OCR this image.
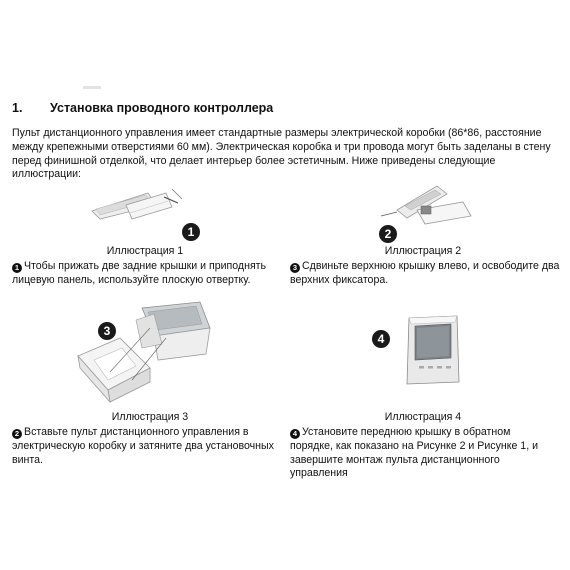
1. Установка проводного контроллера
Пульт дистанционного управления имеет стандартные размеры электрической коробки (86*86, расстояние между крепежными отверстиями 60 мм). Электрическая коробка и три провода могут быть заделаны в стену перед финишной отделкой, что делает интерьер более эстетичным. Ниже приведены следующие иллюстрации:
1
Иллюстрация 1
1 Чтобы прижать две задние крышки и приподнять лицевую панель, используйте плоскую отвертку.
2
Иллюстрация 2
3 Сдвиньте верхнюю крышку влево, и освободите два верхних фиксатора.
3
Иллюстрация 3
2 Вставьте пульт дистанционного управления в электрическую коробку и затяните два установочных винта.
4
Иллюстрация 4
4 Установите переднюю крышку в обратном порядке, как показано на Рисунке 2 и Рисунке 1, и завершите монтаж пульта дистанционного управления
